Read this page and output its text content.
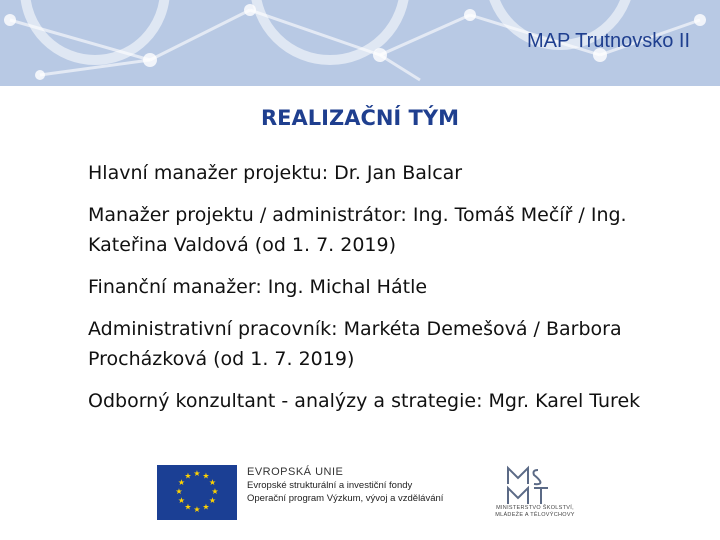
MAP Trutnovsko II
REALIZAČNÍ TÝM

Hlavní manažer projektu: Dr. Jan Balcar

Manažer projektu / administrátor: Ing. Tomáš Mečíř / Ing. Kateřina Valdová (od 1. 7. 2019)

Finanční manažer: Ing. Michal Hátle

Administrativní pracovník: Markéta Demešová / Barbora Procházková (od 1. 7. 2019)

Odborný konzultant - analýzy a strategie: Mgr. Karel Turek

★ ★
★
★
★
★
★
★
★
★
★
★	EVROPSKÁ UNIE
Evropské strukturální a investiční fondy
Operační program Výzkum, vývoj a vzdělávání
MINISTERSTVO ŠKOLSTVÍ,
MLÁDEŽE A TĚLOVÝCHOVY
